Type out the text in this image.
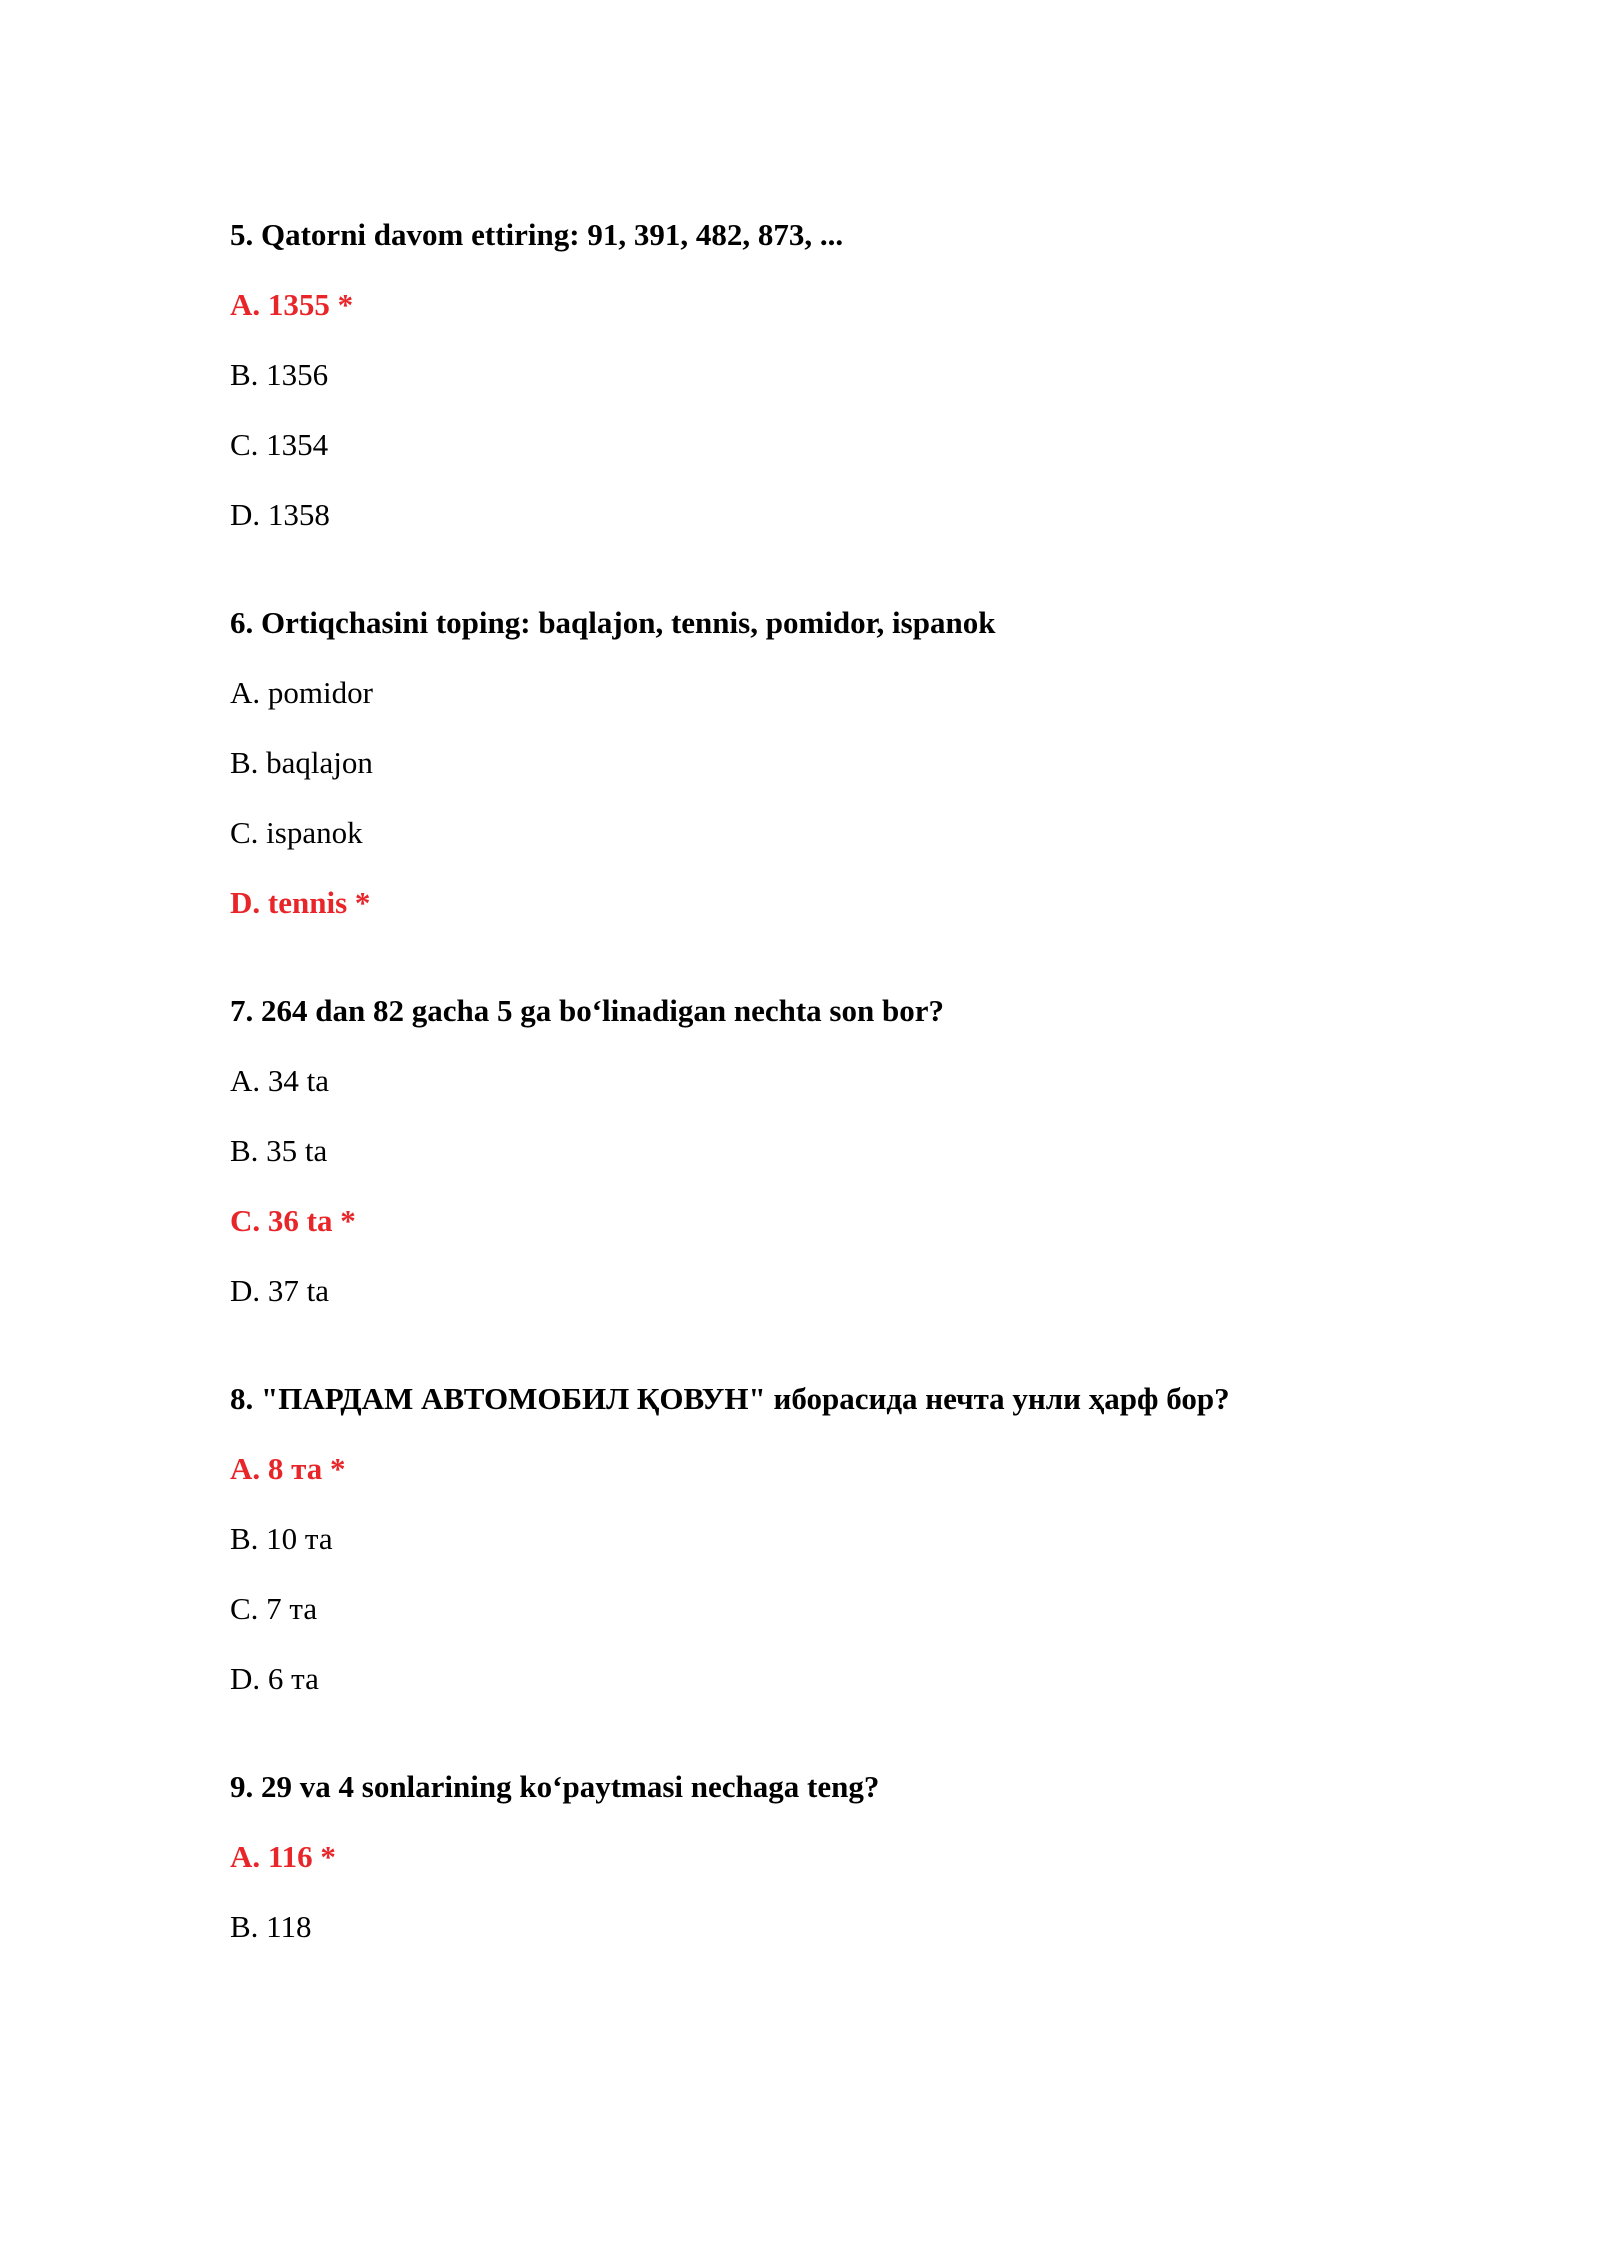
5. Qatorni davom ettiring: 91, 391, 482, 873, ...
A. 1355 *
B. 1356
C. 1354
D. 1358
6. Ortiqchasini toping: baqlajon, tennis, pomidor, ispanok
A. pomidor
B. baqlajon
C. ispanok
D. tennis *
7. 264 dan 82 gacha 5 ga bo‘linadigan nechta son bor?
A. 34 ta
B. 35 ta
C. 36 ta *
D. 37 ta
8. "ПАРДАМ АВТОМОБИЛ ҚОВУН" иборасида нечта унли ҳарф бор?
А. 8 та *
В. 10 та
С. 7 та
D. 6 та
9. 29 va 4 sonlarining ko‘paytmasi nechaga teng?
A. 116 *
B. 118
